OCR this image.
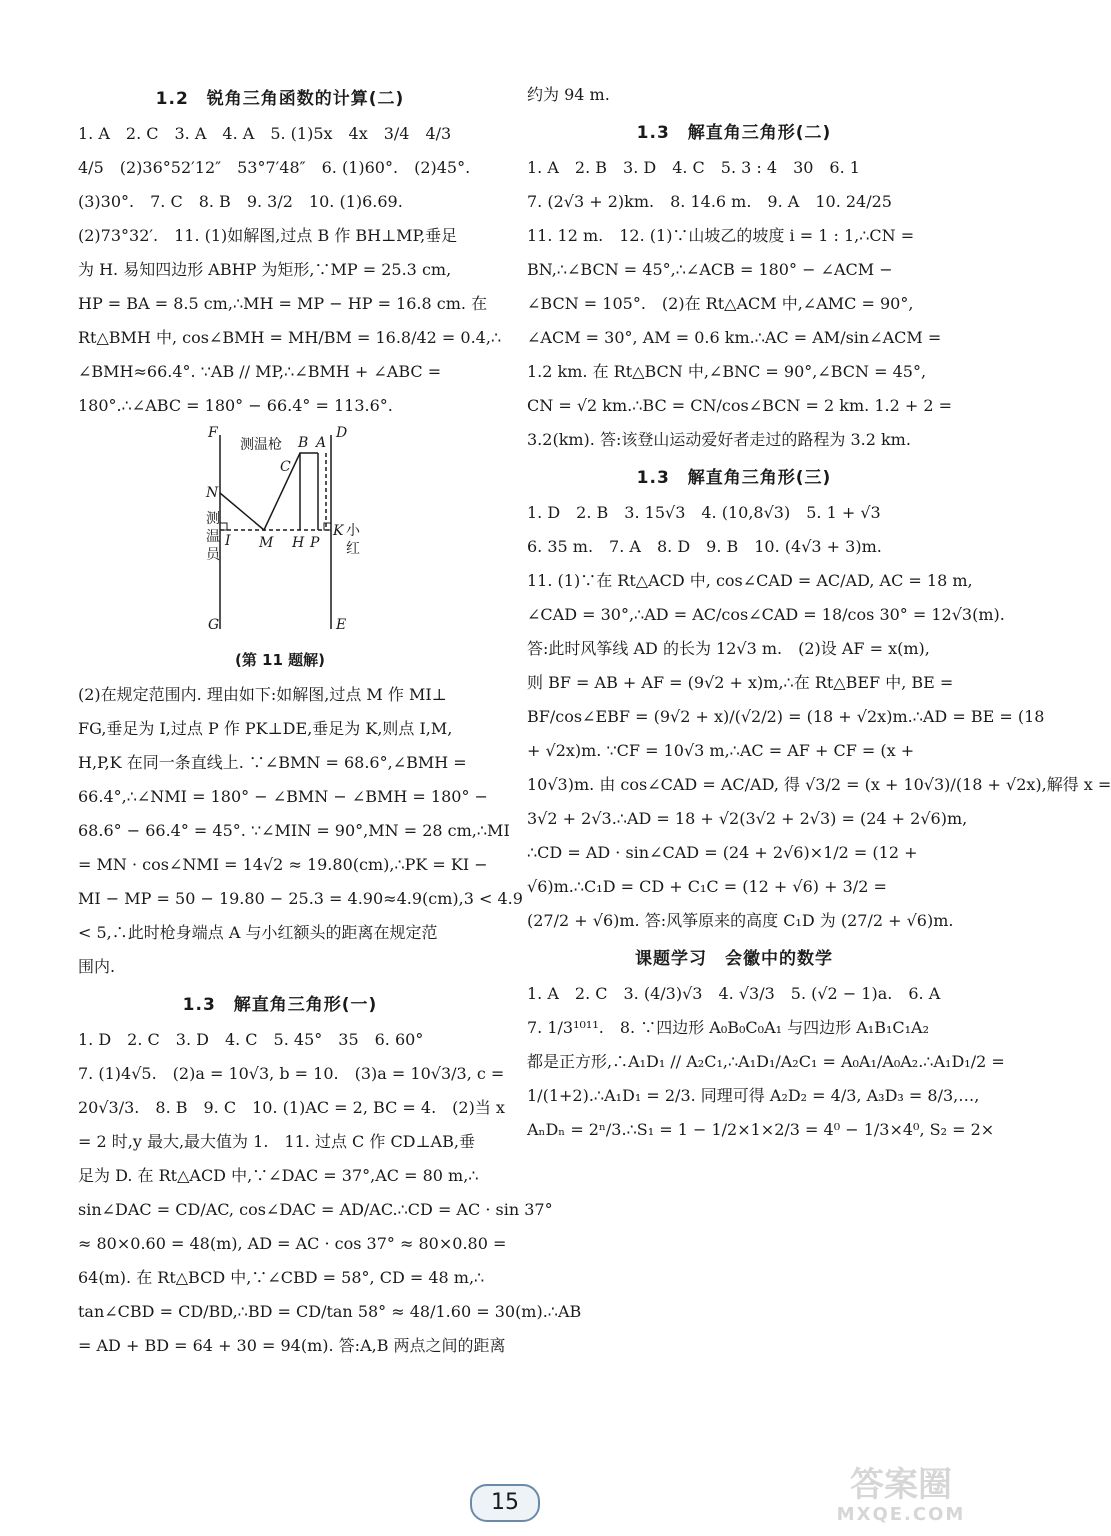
1.2　锐角三角函数的计算(二)
1. A　2. C　3. A　4. A　5. (1)5x　4x　3/4　4/3
4/5　(2)36°52′12″　53°7′48″　6. (1)60°.　(2)45°.
(3)30°.　7. C　8. B　9. 3/2　10. (1)6.69.
(2)73°32′.　11. (1)如解图,过点 B 作 BH⊥MP,垂足
为 H. 易知四边形 ABHP 为矩形,∵MP = 25.3 cm,
HP = BA = 8.5 cm,∴MH = MP − HP = 16.8 cm. 在
Rt△BMH 中, cos∠BMH = MH/BM = 16.8/42 = 0.4,∴
∠BMH≈66.4°. ∵AB // MP,∴∠BMH + ∠ABC =
180°.∴∠ABC = 180° − 66.4° = 113.6°.
F	D
G	E
N
I M H P
K
A
B
C
测温枪
测
温
员
小
红
(第 11 题解)
(2)在规定范围内. 理由如下:如解图,过点 M 作 MI⊥
FG,垂足为 I,过点 P 作 PK⊥DE,垂足为 K,则点 I,M,
H,P,K 在同一条直线上. ∵∠BMN = 68.6°,∠BMH =
66.4°,∴∠NMI = 180° − ∠BMN − ∠BMH = 180° −
68.6° − 66.4° = 45°. ∵∠MIN = 90°,MN = 28 cm,∴MI
= MN · cos∠NMI = 14√2 ≈ 19.80(cm),∴PK = KI −
MI − MP = 50 − 19.80 − 25.3 = 4.90≈4.9(cm),3 < 4.9
< 5,∴此时枪身端点 A 与小红额头的距离在规定范
围内.
1.3　解直角三角形(一)
1. D　2. C　3. D　4. C　5. 45°　35　6. 60°
7. (1)4√5.　(2)a = 10√3, b = 10.　(3)a = 10√3/3, c =
20√3/3.　8. B　9. C　10. (1)AC = 2, BC = 4.　(2)当 x
= 2 时,y 最大,最大值为 1.　11. 过点 C 作 CD⊥AB,垂
足为 D. 在 Rt△ACD 中,∵∠DAC = 37°,AC = 80 m,∴
sin∠DAC = CD/AC, cos∠DAC = AD/AC.∴CD = AC · sin 37°
≈ 80×0.60 = 48(m), AD = AC · cos 37° ≈ 80×0.80 =
64(m). 在 Rt△BCD 中,∵∠CBD = 58°, CD = 48 m,∴
tan∠CBD = CD/BD,∴BD = CD/tan 58° ≈ 48/1.60 = 30(m).∴AB
= AD + BD = 64 + 30 = 94(m). 答:A,B 两点之间的距离
约为 94 m.
1.3　解直角三角形(二)
1. A　2. B　3. D　4. C　5. 3 : 4　30　6. 1
7. (2√3 + 2)km.　8. 14.6 m.　9. A　10. 24/25
11. 12 m.　12. (1)∵山坡乙的坡度 i = 1 : 1,∴CN =
BN,∴∠BCN = 45°,∴∠ACB = 180° − ∠ACM −
∠BCN = 105°.　(2)在 Rt△ACM 中,∠AMC = 90°,
∠ACM = 30°, AM = 0.6 km.∴AC = AM/sin∠ACM =
1.2 km. 在 Rt△BCN 中,∠BNC = 90°,∠BCN = 45°,
CN = √2 km.∴BC = CN/cos∠BCN = 2 km. 1.2 + 2 =
3.2(km). 答:该登山运动爱好者走过的路程为 3.2 km.
1.3　解直角三角形(三)
1. D　2. B　3. 15√3　4. (10,8√3)　5. 1 + √3
6. 35 m.　7. A　8. D　9. B　10. (4√3 + 3)m.
11. (1)∵在 Rt△ACD 中, cos∠CAD = AC/AD, AC = 18 m,
∠CAD = 30°,∴AD = AC/cos∠CAD = 18/cos 30° = 12√3(m).
答:此时风筝线 AD 的长为 12√3 m.　(2)设 AF = x(m),
则 BF = AB + AF = (9√2 + x)m,∴在 Rt△BEF 中, BE =
BF/cos∠EBF = (9√2 + x)/(√2/2) = (18 + √2x)m.∴AD = BE = (18
+ √2x)m. ∵CF = 10√3 m,∴AC = AF + CF = (x +
10√3)m. 由 cos∠CAD = AC/AD, 得 √3/2 = (x + 10√3)/(18 + √2x),解得 x =
3√2 + 2√3.∴AD = 18 + √2(3√2 + 2√3) = (24 + 2√6)m,
∴CD = AD · sin∠CAD = (24 + 2√6)×1/2 = (12 +
√6)m.∴C₁D = CD + C₁C = (12 + √6) + 3/2 =
(27/2 + √6)m. 答:风筝原来的高度 C₁D 为 (27/2 + √6)m.
课题学习　会徽中的数学
1. A　2. C　3. (4/3)√3　4. √3/3　5. (√2 − 1)a.　6. A
7. 1/3¹⁰¹¹.　8. ∵四边形 A₀B₀C₀A₁ 与四边形 A₁B₁C₁A₂
都是正方形,∴A₁D₁ // A₂C₁,∴A₁D₁/A₂C₁ = A₀A₁/A₀A₂.∴A₁D₁/2 =
1/(1+2).∴A₁D₁ = 2/3. 同理可得 A₂D₂ = 4/3, A₃D₃ = 8/3,…,
AₙDₙ = 2ⁿ/3.∴S₁ = 1 − 1/2×1×2/3 = 4⁰ − 1/3×4⁰, S₂ = 2×
15	答案圈
MXQE.COM
